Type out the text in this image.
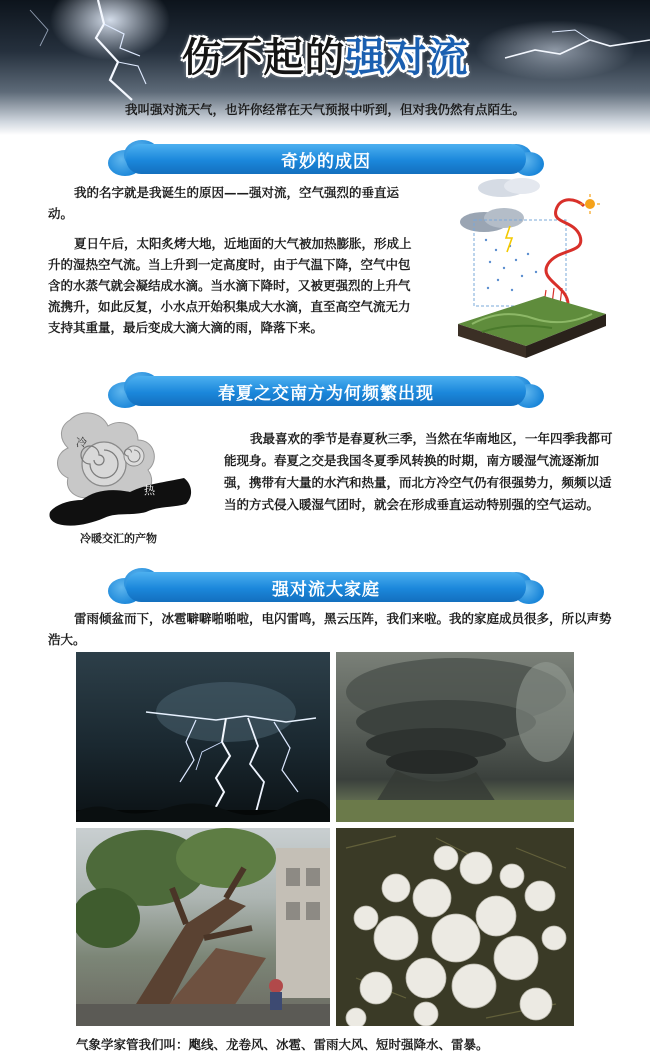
伤不起的强对流
我叫强对流天气，也许你经常在天气预报中听到，但对我仍然有点陌生。
奇妙的成因
我的名字就是我诞生的原因——强对流，空气强烈的垂直运动。
夏日午后，太阳炙烤大地，近地面的大气被加热膨胀，形成上升的湿热空气流。当上升到一定高度时，由于气温下降，空气中包含的水蒸气就会凝结成水滴。当水滴下降时，又被更强烈的上升气流携升，如此反复，小水点开始积集成大水滴，直至高空气流无力支持其重量，最后变成大滴大滴的雨，降落下来。
春夏之交南方为何频繁出现
冷
热
冷暖交汇的产物
我最喜欢的季节是春夏秋三季，当然在华南地区，一年四季我都可能现身。春夏之交是我国冬夏季风转换的时期，南方暖湿气流逐渐加强，携带有大量的水汽和热量，而北方冷空气仍有很强势力，频频以适当的方式侵入暖湿气团时，就会在形成垂直运动特别强的空气运动。
强对流大家庭
雷雨倾盆而下，冰雹噼噼啪啪啦，电闪雷鸣，黑云压阵，我们来啦。我的家庭成员很多，所以声势浩大。
气象学家管我们叫：飑线、龙卷风、冰雹、雷雨大风、短时强降水、雷暴。
